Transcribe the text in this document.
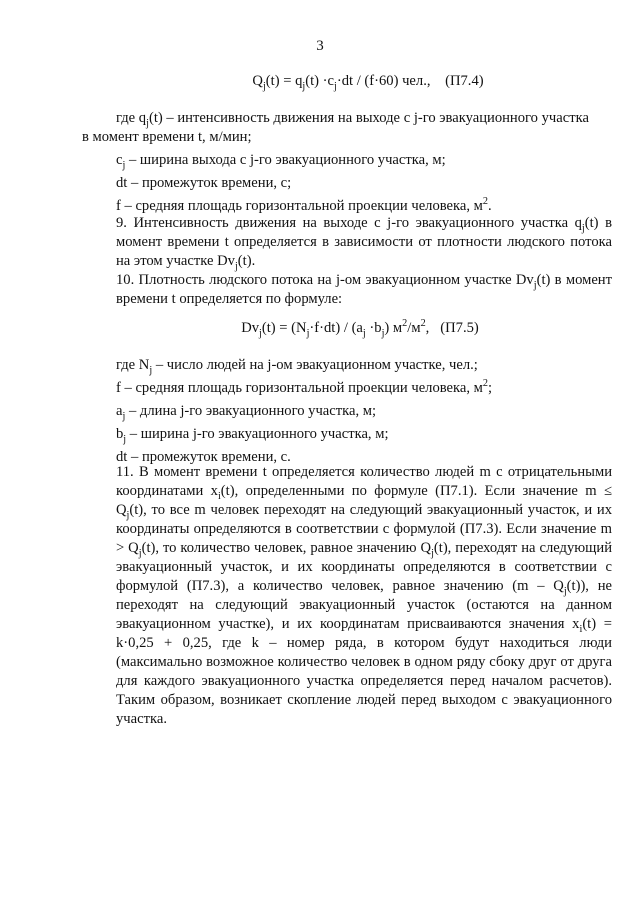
3
$Q_j(t) = q_j(t) \cdot c_j\cdot dt / (f\cdot 60)$ чел., (П7.4)
где $q_j(t)$ – интенсивность движения на выходе с j-го эвакуационного участка
в момент времени t, м/мин;
$c_j$ – ширина выхода с j-го эвакуационного участка, м;
dt – промежуток времени, с;
f – средняя площадь горизонтальной проекции человека, $м^2$.
9. Интенсивность движения на выходе с j-го эвакуационного участка $q_j(t)$ в момент времени t определяется в зависимости от плотности людского потока на этом участке $Dv_j(t)$.
10. Плотность людского потока на j-ом эвакуационном участке $Dv_j(t)$ в момент времени t определяется по формуле:
$Dv_j(t) = (N_j\cdot f\cdot dt) / (a_j \cdot b_j)$ $м^2/м^2$, (П7.5)
где $N_j$ – число людей на j-ом эвакуационном участке, чел.;
f – средняя площадь горизонтальной проекции человека, $м^2$;
$a_j$ – длина j-го эвакуационного участка, м;
$b_j$ – ширина j-го эвакуационного участка, м;
dt – промежуток времени, с.
11. В момент времени t определяется количество людей m с отрицательными координатами $x_i(t)$, определенными по формуле (П7.1). Если значение $m \le Q_j(t)$, то все m человек переходят на следующий эвакуационный участок, и их координаты определяются в соответствии с формулой (П7.3). Если значение $m > Q_j(t)$, то количество человек, равное значению $Q_j(t)$, переходят на следующий эвакуационный участок, и их координаты определяются в соответствии с формулой (П7.3), а количество человек, равное значению $(m - Q_j(t))$, не переходят на следующий эвакуационный участок (остаются на данном эвакуационном участке), и их координатам присваиваются значения $x_i(t) = k\cdot 0,25 + 0,25$, где k – номер ряда, в котором будут находиться люди (максимально возможное количество человек в одном ряду сбоку друг от друга для каждого эвакуационного участка определяется перед началом расчетов). Таким образом, возникает скопление людей перед выходом с эвакуационного участка.
